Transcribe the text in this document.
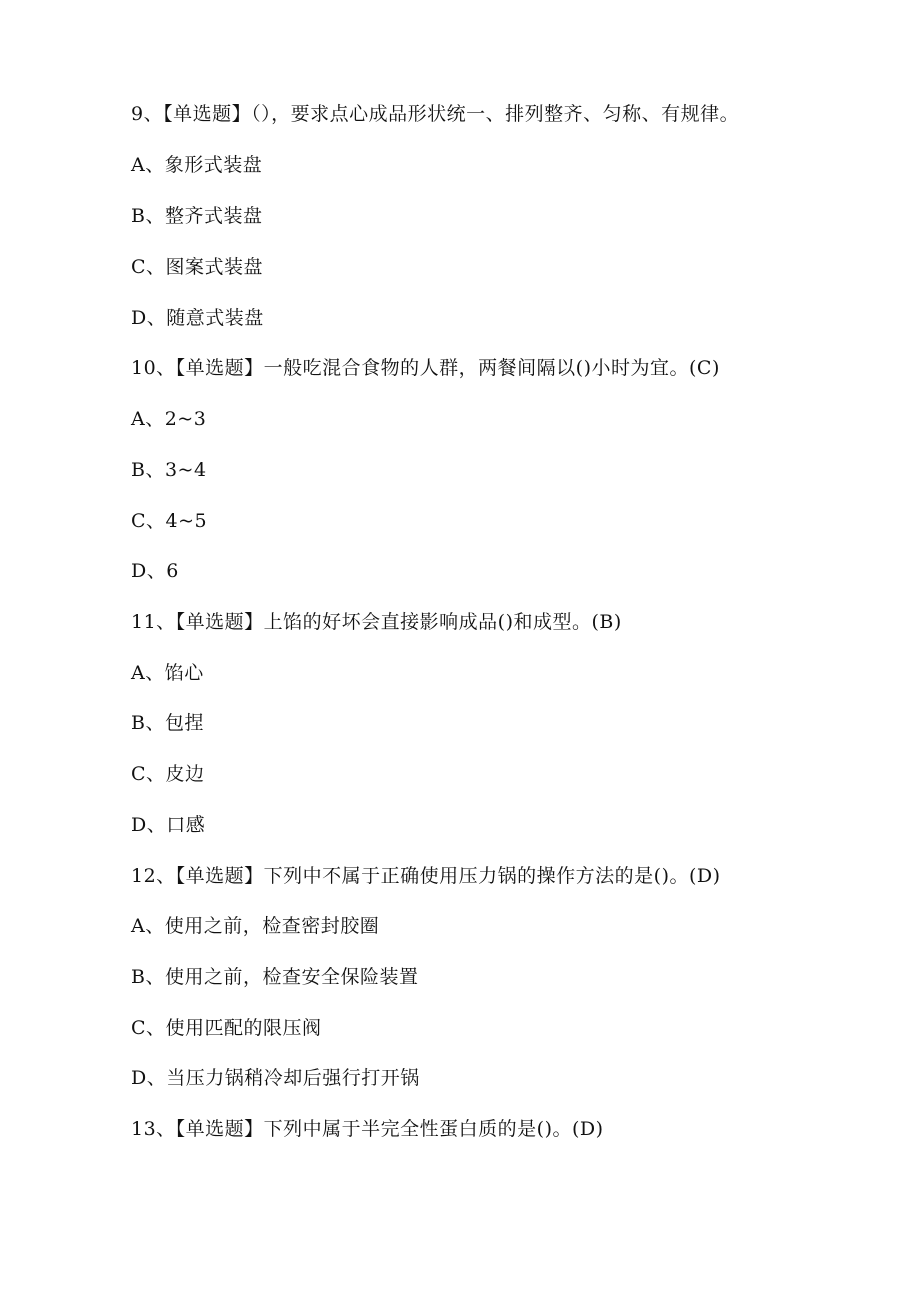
9、【单选题】（），要求点心成品形状统一、排列整齐、匀称、有规律。
A、象形式装盘
B、整齐式装盘
C、图案式装盘
D、随意式装盘
10、【单选题】一般吃混合食物的人群，两餐间隔以()小时为宜。(C)
A、2~3
B、3~4
C、4~5
D、6
11、【单选题】上馅的好坏会直接影响成品()和成型。(B)
A、馅心
B、包捏
C、皮边
D、口感
12、【单选题】下列中不属于正确使用压力锅的操作方法的是()。(D)
A、使用之前，检查密封胶圈
B、使用之前，检查安全保险装置
C、使用匹配的限压阀
D、当压力锅稍冷却后强行打开锅
13、【单选题】下列中属于半完全性蛋白质的是()。(D)
